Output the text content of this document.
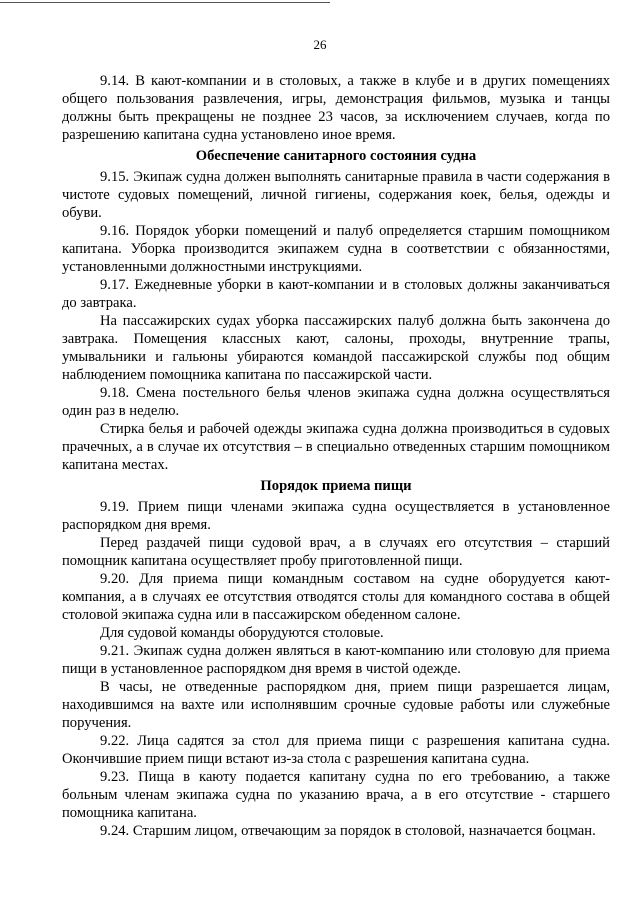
26

9.14. В кают-компании и в столовых, а также в клубе и в других помещениях общего пользования развлечения, игры, демонстрация фильмов, музыка и танцы должны быть прекращены не позднее 23 часов, за исключением случаев, когда по разрешению капитана судна установлено иное время.

Обеспечение санитарного состояния судна

9.15. Экипаж судна должен выполнять санитарные правила в части содержания в чистоте судовых помещений, личной гигиены, содержания коек, белья, одежды и обуви.

9.16. Порядок уборки помещений и палуб определяется старшим помощником капитана. Уборка производится экипажем судна в соответствии с обязанностями, установленными должностными инструкциями.

9.17. Ежедневные уборки в кают-компании и в столовых должны заканчиваться до завтрака.

На пассажирских судах уборка пассажирских палуб должна быть закончена до завтрака. Помещения классных кают, салоны, проходы, внутренние трапы, умывальники и гальюны убираются командой пассажирской службы под общим наблюдением помощника капитана по пассажирской части.

9.18. Смена постельного белья членов экипажа судна должна осуществляться один раз в неделю.

Стирка белья и рабочей одежды экипажа судна должна производиться в судовых прачечных, а в случае их отсутствия – в специально отведенных старшим помощником капитана местах.

Порядок приема пищи

9.19. Прием пищи членами экипажа судна осуществляется в установленное распорядком дня время.

Перед раздачей пищи судовой врач, а в случаях его отсутствия – старший помощник капитана осуществляет пробу приготовленной пищи.

9.20. Для приема пищи командным составом на судне оборудуется кают-компания, а в случаях ее отсутствия отводятся столы для командного состава в общей столовой экипажа судна или в пассажирском обеденном салоне.

Для судовой команды оборудуются столовые.

9.21. Экипаж судна должен являться в кают-компанию или столовую для приема пищи в установленное распорядком дня время в чистой одежде.

В часы, не отведенные распорядком дня, прием пищи разрешается лицам, находившимся на вахте или исполнявшим срочные судовые работы или служебные поручения.

9.22. Лица садятся за стол для приема пищи с разрешения капитана судна. Окончившие прием пищи встают из-за стола с разрешения капитана судна.

9.23. Пища в каюту подается капитану судна по его требованию, а также больным членам экипажа судна по указанию врача, а в его отсутствие - старшего помощника капитана.

9.24. Старшим лицом, отвечающим за порядок в столовой, назначается боцман.
